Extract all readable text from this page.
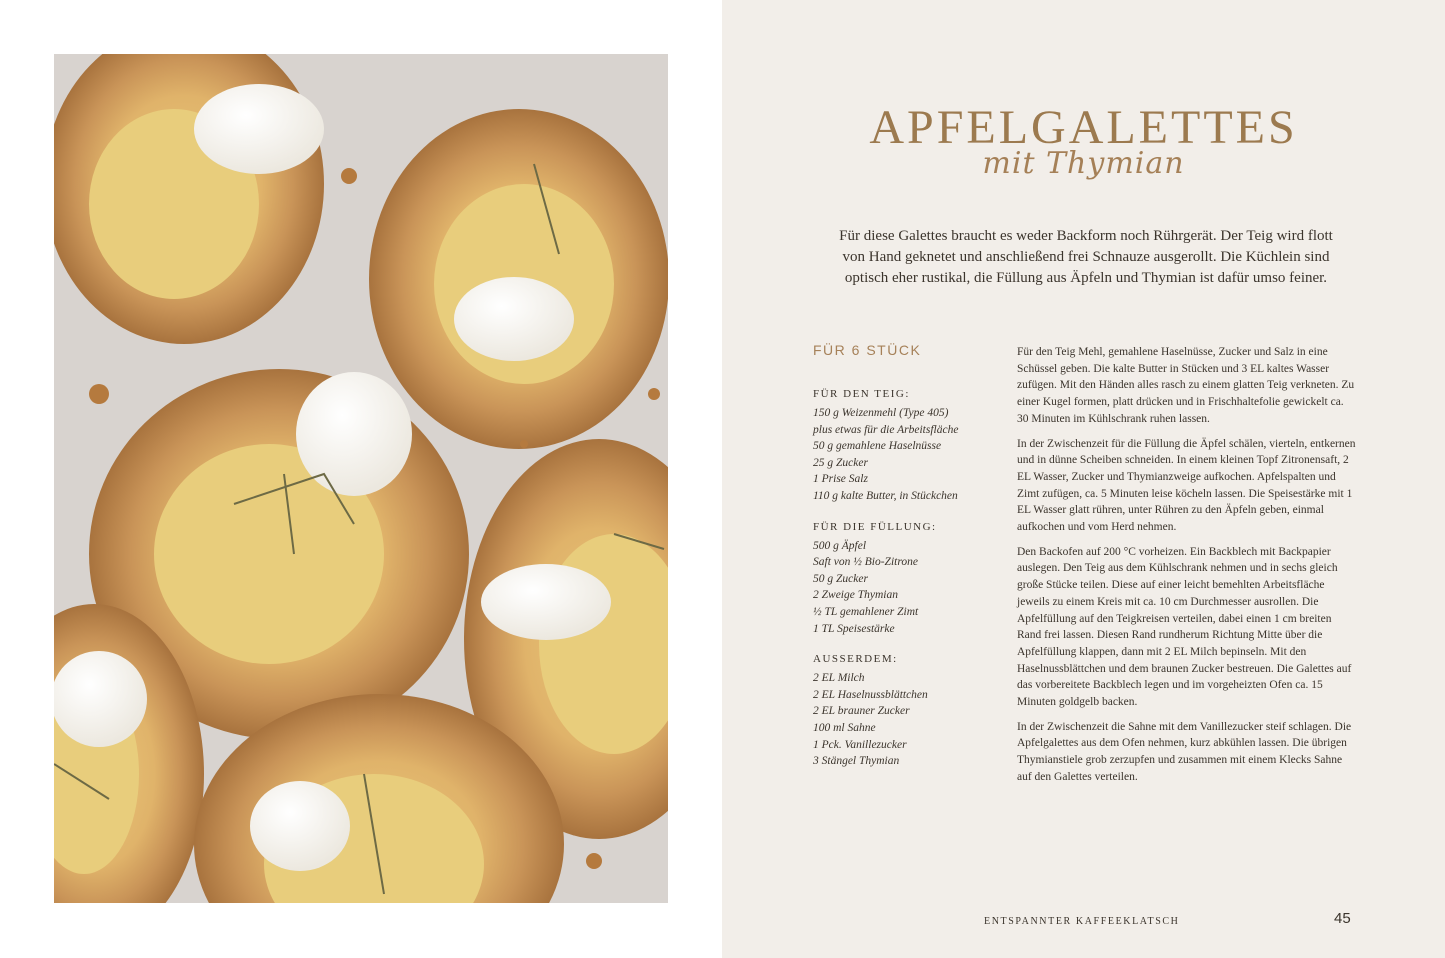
APFELGALETTES
mit Thymian
Für diese Galettes braucht es weder Backform noch Rührgerät. Der Teig wird flott von Hand geknetet und anschließend frei Schnauze ausgerollt. Die Küchlein sind optisch eher rustikal, die Füllung aus Äpfeln und Thymian ist dafür umso feiner.
FÜR 6 STÜCK
FÜR DEN TEIG:
150 g Weizenmehl (Type 405)
plus etwas für die Arbeitsfläche
50 g gemahlene Haselnüsse
25 g Zucker
1 Prise Salz
110 g kalte Butter, in Stückchen
FÜR DIE FÜLLUNG:
500 g Äpfel
Saft von ½ Bio-Zitrone
50 g Zucker
2 Zweige Thymian
½ TL gemahlener Zimt
1 TL Speisestärke
AUSSERDEM:
2 EL Milch
2 EL Haselnussblättchen
2 EL brauner Zucker
100 ml Sahne
1 Pck. Vanillezucker
3 Stängel Thymian

Für den Teig Mehl, gemahlene Haselnüsse, Zucker und Salz in eine Schüssel geben. Die kalte Butter in Stücken und 3 EL kaltes Wasser zufügen. Mit den Händen alles rasch zu einem glatten Teig verkneten. Zu einer Kugel formen, platt drücken und in Frischhaltefolie gewickelt ca. 30 Minuten im Kühlschrank ruhen lassen.

In der Zwischenzeit für die Füllung die Äpfel schälen, vierteln, entkernen und in dünne Scheiben schneiden. In einem kleinen Topf Zitronensaft, 2 EL Wasser, Zucker und Thymianzweige aufkochen. Apfelspalten und Zimt zufügen, ca. 5 Minuten leise köcheln lassen. Die Speisestärke mit 1 EL Wasser glatt rühren, unter Rühren zu den Äpfeln geben, einmal aufkochen und vom Herd nehmen.

Den Backofen auf 200 °C vorheizen. Ein Backblech mit Backpapier auslegen. Den Teig aus dem Kühlschrank nehmen und in sechs gleich große Stücke teilen. Diese auf einer leicht bemehlten Arbeitsfläche jeweils zu einem Kreis mit ca. 10 cm Durchmesser ausrollen. Die Apfelfüllung auf den Teigkreisen verteilen, dabei einen 1 cm breiten Rand frei lassen. Diesen Rand rundherum Richtung Mitte über die Apfelfüllung klappen, dann mit 2 EL Milch bepinseln. Mit den Haselnussblättchen und dem braunen Zucker bestreuen. Die Galettes auf das vorbereitete Backblech legen und im vorgeheizten Ofen ca. 15 Minuten goldgelb backen.

In der Zwischenzeit die Sahne mit dem Vanillezucker steif schlagen. Die Apfelgalettes aus dem Ofen nehmen, kurz abkühlen lassen. Die übrigen Thymianstiele grob zerzupfen und zusammen mit einem Klecks Sahne auf den Galettes verteilen.

ENTSPANNTER KAFFEEKLATSCH	45
